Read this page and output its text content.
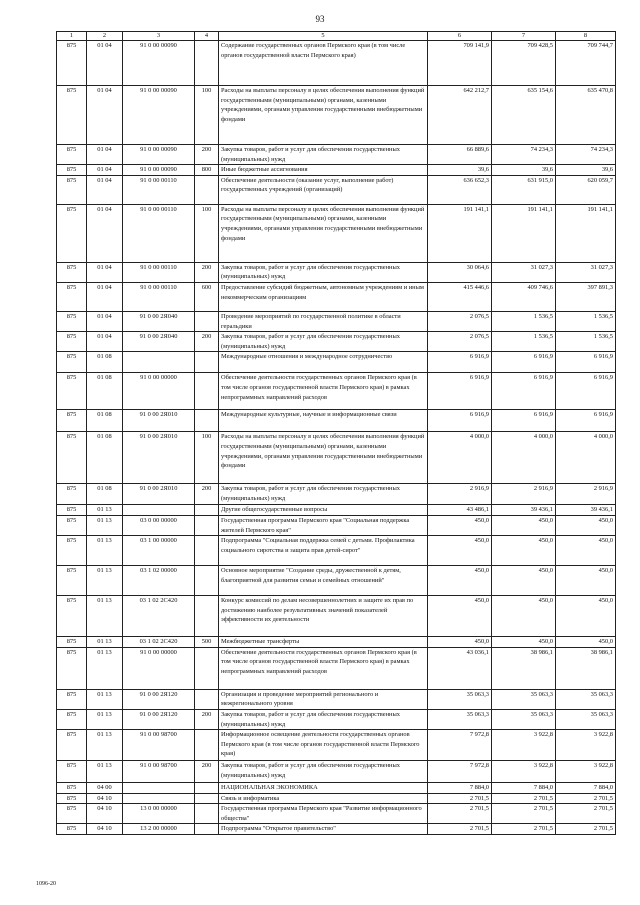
93
1	2	3	4	5	6	7	8
875	01 04	91 0 00 00090		Содержание государственных органов Пермского края (в том числе органов государственной власти Пермского края)	709 141,9	709 428,5	709 744,7
875	01 04	91 0 00 00090	100	Расходы на выплаты персоналу в целях обеспечения выполнения функций государственными (муниципальными) органами, казенными учреждениями, органами управления государственными внебюджетными фондами	642 212,7	635 154,6	635 470,8
875	01 04	91 0 00 00090	200	Закупка товаров, работ и услуг для обеспечения государственных (муниципальных) нужд	66 889,6	74 234,3	74 234,3
875	01 04	91 0 00 00090	800	Иные бюджетные ассигнования	39,6	39,6	39,6
875	01 04	91 0 00 00110		Обеспечение деятельности (оказание услуг, выполнение работ) государственных учреждений (организаций)	636 652,3	631 915,0	620 059,7
875	01 04	91 0 00 00110	100	Расходы на выплаты персоналу в целях обеспечения выполнения функций государственными (муниципальными) органами, казенными учреждениями, органами управления государственными внебюджетными фондами	191 141,1	191 141,1	191 141,1
875	01 04	91 0 00 00110	200	Закупка товаров, работ и услуг для обеспечения государственных (муниципальных) нужд	30 064,6	31 027,3	31 027,3
875	01 04	91 0 00 00110	600	Предоставление субсидий бюджетным, автономным учреждениям и иным некоммерческим организациям	415 446,6	409 746,6	397 891,3
875	01 04	91 0 00 2Я040		Проведение мероприятий по государственной политике в области геральдики	2 076,5	1 536,5	1 536,5
875	01 04	91 0 00 2Я040	200	Закупка товаров, работ и услуг для обеспечения государственных (муниципальных) нужд	2 076,5	1 536,5	1 536,5
875	01 08			Международные отношения и международное сотрудничество	6 916,9	6 916,9	6 916,9
875	01 08	91 0 00 00000		Обеспечение деятельности государственных органов Пермского края (в том числе органов государственной власти Пермского края) в рамках непрограммных направлений расходов	6 916,9	6 916,9	6 916,9
875	01 08	91 0 00 2Я010		Международные культурные, научные и информационные связи	6 916,9	6 916,9	6 916,9
875	01 08	91 0 00 2Я010	100	Расходы на выплаты персоналу в целях обеспечения выполнения функций государственными (муниципальными) органами, казенными учреждениями, органами управления государственными внебюджетными фондами	4 000,0	4 000,0	4 000,0
875	01 08	91 0 00 2Я010	200	Закупка товаров, работ и услуг для обеспечения государственных (муниципальных) нужд	2 916,9	2 916,9	2 916,9
875	01 13			Другие общегосударственные вопросы	43 486,1	39 436,1	39 436,1
875	01 13	03 0 00 00000		Государственная программа Пермского края "Социальная поддержка жителей Пермского края"	450,0	450,0	450,0
875	01 13	03 1 00 00000		Подпрограмма "Социальная поддержка семей с детьми. Профилактика социального сиротства и защита прав детей-сирот"	450,0	450,0	450,0
875	01 13	03 1 02 00000		Основное мероприятие "Создание среды, дружественной к детям, благоприятной для развития семьи и семейных отношений"	450,0	450,0	450,0
875	01 13	03 1 02 2С420		Конкурс комиссий по делам несовершеннолетних и защите их прав по достижению наиболее результативных значений показателей эффективности их деятельности	450,0	450,0	450,0
875	01 13	03 1 02 2С420	500	Межбюджетные трансферты	450,0	450,0	450,0
875	01 13	91 0 00 00000		Обеспечение деятельности государственных органов Пермского края (в том числе органов государственной власти Пермского края) в рамках непрограммных направлений расходов	43 036,1	38 986,1	38 986,1
875	01 13	91 0 00 2Я120		Организация и проведение мероприятий регионального и межрегионального уровня	35 063,3	35 063,3	35 063,3
875	01 13	91 0 00 2Я120	200	Закупка товаров, работ и услуг для обеспечения государственных (муниципальных) нужд	35 063,3	35 063,3	35 063,3
875	01 13	91 0 00 98700		Информационное освещение деятельности государственных органов Пермского края (в том числе органов государственной власти Пермского края)	7 972,8	3 922,8	3 922,8
875	01 13	91 0 00 98700	200	Закупка товаров, работ и услуг для обеспечения государственных (муниципальных) нужд	7 972,8	3 922,8	3 922,8
875	04 00			НАЦИОНАЛЬНАЯ ЭКОНОМИКА	7 884,0	7 884,0	7 884,0
875	04 10			Связь и информатика	2 701,5	2 701,5	2 701,5
875	04 10	13 0 00 00000		Государственная программа Пермского края "Развитие информационного общества"	2 701,5	2 701,5	2 701,5
875	04 10	13 2 00 00000		Подпрограмма "Открытое правительство"	2 701,5	2 701,5	2 701,5
1096-20
